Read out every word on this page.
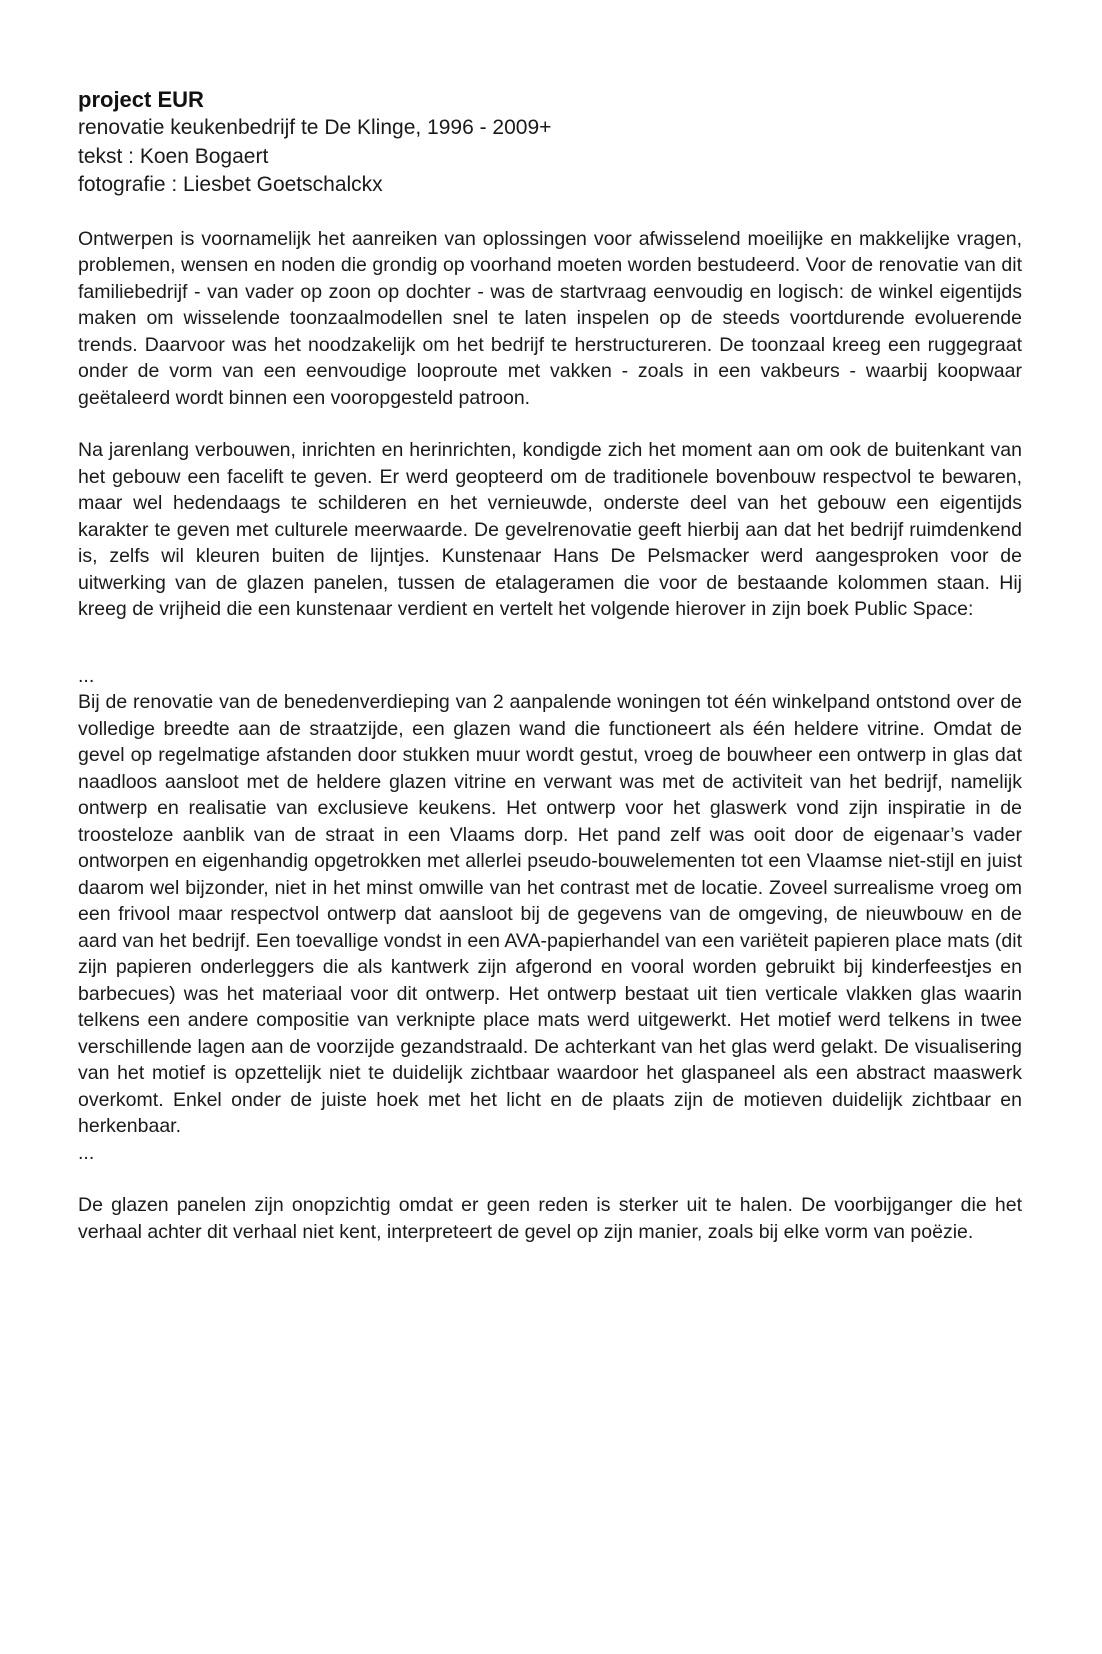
project EUR
renovatie keukenbedrijf te De Klinge, 1996 - 2009+
tekst : Koen Bogaert
fotografie : Liesbet Goetschalckx

Ontwerpen is voornamelijk het aanreiken van oplossingen voor afwisselend moeilijke en makkelijke vragen, problemen, wensen en noden die grondig op voorhand moeten worden bestudeerd. Voor de renovatie van dit familiebedrijf - van vader op zoon op dochter - was de startvraag eenvoudig en logisch: de winkel eigentijds maken om wisselende toonzaalmodellen snel te laten inspelen op de steeds voortdurende evoluerende trends. Daarvoor was het noodzakelijk om het bedrijf te herstructureren. De toonzaal kreeg een ruggegraat onder de vorm van een eenvoudige looproute met vakken - zoals in een vakbeurs - waarbij koopwaar geëtaleerd wordt binnen een vooropgesteld patroon.

Na jarenlang verbouwen, inrichten en herinrichten, kondigde zich het moment aan om ook de buitenkant van het gebouw een facelift te geven. Er werd geopteerd om de traditionele bovenbouw respectvol te bewaren, maar wel hedendaags te schilderen en het vernieuwde, onderste deel van het gebouw een eigentijds karakter te geven met culturele meerwaarde. De gevelrenovatie geeft hierbij aan dat het bedrijf ruimdenkend is, zelfs wil kleuren buiten de lijntjes. Kunstenaar Hans De Pelsmacker werd aangesproken voor de uitwerking van de glazen panelen, tussen de etalageramen die voor de bestaande kolommen staan. Hij kreeg de vrijheid die een kunstenaar verdient en vertelt het volgende hierover in zijn boek Public Space:

...

Bij de renovatie van de benedenverdieping van 2 aanpalende woningen tot één winkelpand ontstond over de volledige breedte aan de straatzijde, een glazen wand die functioneert als één heldere vitrine. Omdat de gevel op regelmatige afstanden door stukken muur wordt gestut, vroeg de bouwheer een ontwerp in glas dat naadloos aansloot met de heldere glazen vitrine en verwant was met de activiteit van het bedrijf, namelijk ontwerp en realisatie van exclusieve keukens. Het ontwerp voor het glaswerk vond zijn inspiratie in de troosteloze aanblik van de straat in een Vlaams dorp. Het pand zelf was ooit door de eigenaar’s vader ontworpen en eigenhandig opgetrokken met allerlei pseudo-bouwelementen tot een Vlaamse niet-stijl en juist daarom wel bijzonder, niet in het minst omwille van het contrast met de locatie. Zoveel surrealisme vroeg om een frivool maar respectvol ontwerp dat aansloot bij de gegevens van de omgeving, de nieuwbouw en de aard van het bedrijf. Een toevallige vondst in een AVA-papierhandel van een variëteit papieren place mats (dit zijn papieren onderleggers die als kantwerk zijn afgerond en vooral worden gebruikt bij kinderfeestjes en barbecues) was het materiaal voor dit ontwerp. Het ontwerp bestaat uit tien verticale vlakken glas waarin telkens een andere compositie van verknipte place mats werd uitgewerkt. Het motief werd telkens in twee verschillende lagen aan de voorzijde gezandstraald. De achterkant van het glas werd gelakt. De visualisering van het motief is opzettelijk niet te duidelijk zichtbaar waardoor het glaspaneel als een abstract maaswerk overkomt. Enkel onder de juiste hoek met het licht en de plaats zijn de motieven duidelijk zichtbaar en herkenbaar.

...

De glazen panelen zijn onopzichtig omdat er geen reden is sterker uit te halen. De voorbijganger die het verhaal achter dit verhaal niet kent, interpreteert de gevel op zijn manier, zoals bij elke vorm van poëzie.
